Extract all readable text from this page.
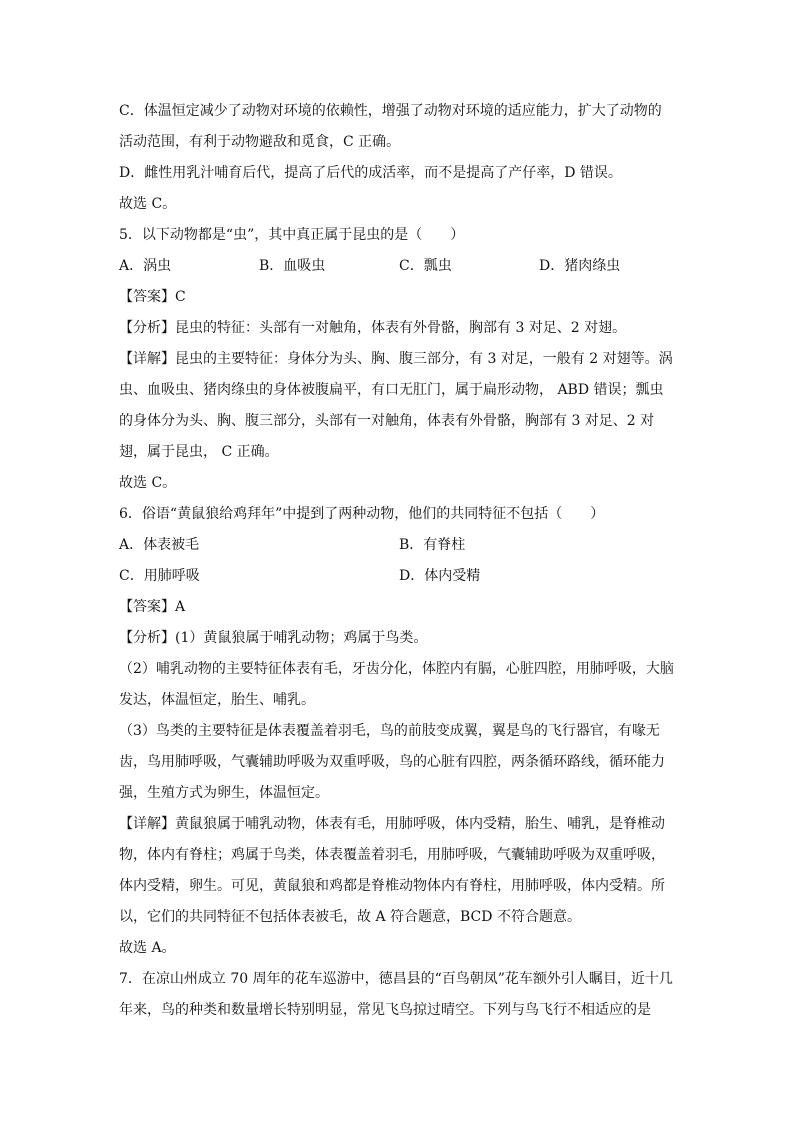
C．体温恒定减少了动物对环境的依赖性，增强了动物对环境的适应能力，扩大了动物的

活动范围，有利于动物避敌和觅食，C 正确。

D．雌性用乳汁哺育后代，提高了后代的成活率，而不是提高了产仔率，D 错误。

故选 C。

5．以下动物都是“虫”，其中真正属于昆虫的是（　　）

A．涡虫	B．血吸虫	C．瓢虫	D．猪肉绦虫

【答案】C

【分析】昆虫的特征：头部有一对触角，体表有外骨骼，胸部有 3 对足、2 对翅。

【详解】昆虫的主要特征：身体分为头、胸、腹三部分，有 3 对足，一般有 2 对翅等。涡

虫、血吸虫、猪肉绦虫的身体被腹扁平，有口无肛门，属于扁形动物， ABD 错误；瓢虫

的身体分为头、胸、腹三部分，头部有一对触角，体表有外骨骼，胸部有 3 对足、2 对

翅，属于昆虫， C 正确。

故选 C。

6．俗语“黄鼠狼给鸡拜年”中提到了两种动物，他们的共同特征不包括（　　）

A．体表被毛	B．有脊柱
C．用肺呼吸	D．体内受精

【答案】A

【分析】(1）黄鼠狼属于哺乳动物；鸡属于鸟类。

（2）哺乳动物的主要特征体表有毛，牙齿分化，体腔内有膈，心脏四腔，用肺呼吸，大脑

发达，体温恒定，胎生、哺乳。

（3）鸟类的主要特征是体表覆盖着羽毛，鸟的前肢变成翼，翼是鸟的飞行器官，有喙无

齿，鸟用肺呼吸，气囊辅助呼吸为双重呼吸，鸟的心脏有四腔，两条循环路线，循环能力

强，生殖方式为卵生，体温恒定。

【详解】黄鼠狼属于哺乳动物，体表有毛，用肺呼吸，体内受精，胎生、哺乳，是脊椎动

物，体内有脊柱；鸡属于鸟类，体表覆盖着羽毛，用肺呼吸，气囊辅助呼吸为双重呼吸，

体内受精，卵生。可见，黄鼠狼和鸡都是脊椎动物体内有脊柱，用肺呼吸，体内受精。所

以，它们的共同特征不包括体表被毛，故 A 符合题意，BCD 不符合题意。

故选 A。

7．在凉山州成立 70 周年的花车巡游中，德昌县的“百鸟朝凤”花车额外引人瞩目，近十几

年来，鸟的种类和数量增长特别明显，常见飞鸟掠过晴空。下列与鸟飞行不相适应的是
